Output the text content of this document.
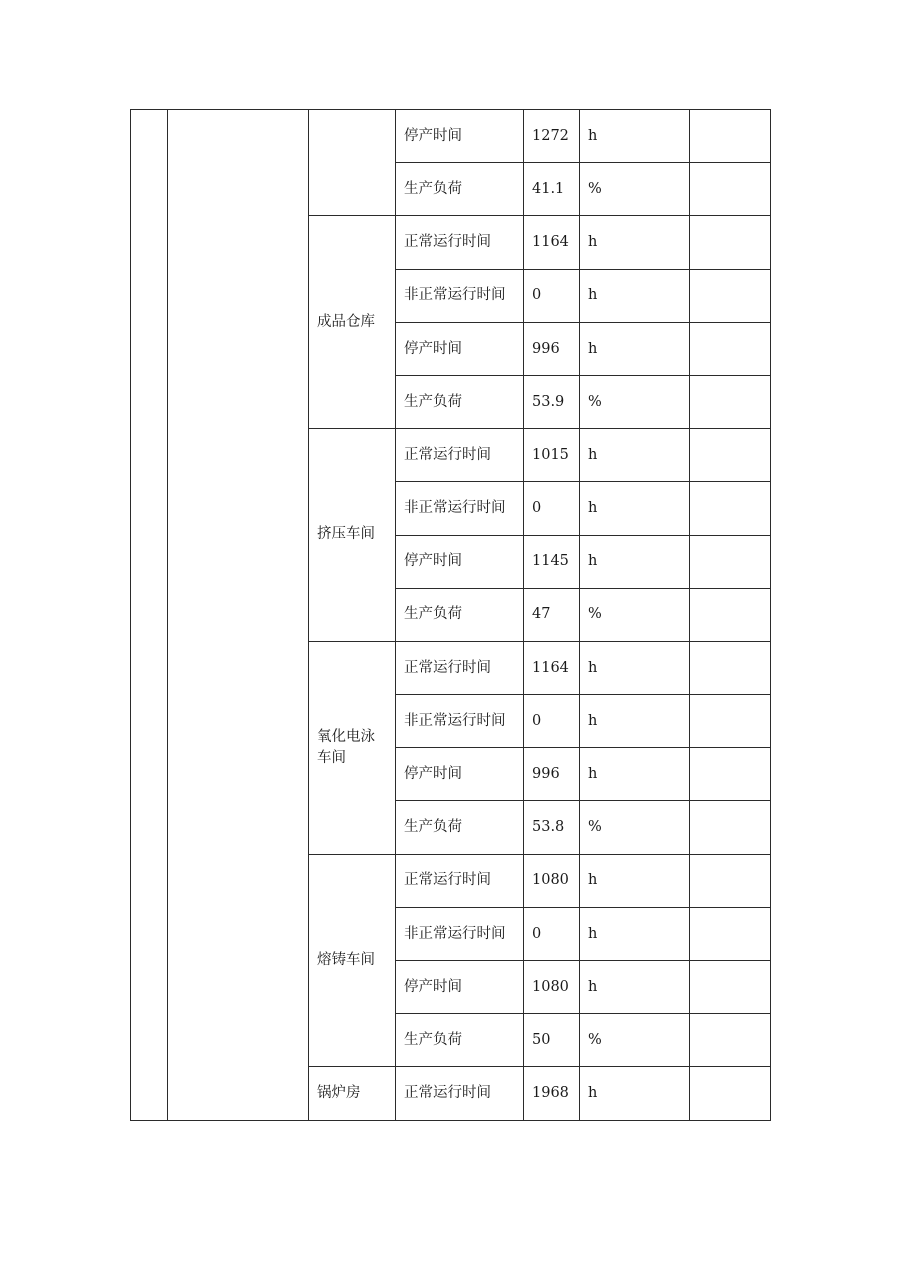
			停产时间	1272	h	
			生产负荷	41.1	%	
		成品仓库	正常运行时间	1164	h	
			非正常运行时间	0	h	
			停产时间	996	h	
			生产负荷	53.9	%	
		挤压车间	正常运行时间	1015	h	
			非正常运行时间	0	h	
			停产时间	1145	h	
			生产负荷	47	%	
		氧化电泳车间	正常运行时间	1164	h	
			非正常运行时间	0	h	
			停产时间	996	h	
			生产负荷	53.8	%	
		熔铸车间	正常运行时间	1080	h	
			非正常运行时间	0	h	
			停产时间	1080	h	
			生产负荷	50	%	
		锅炉房	正常运行时间	1968	h	
